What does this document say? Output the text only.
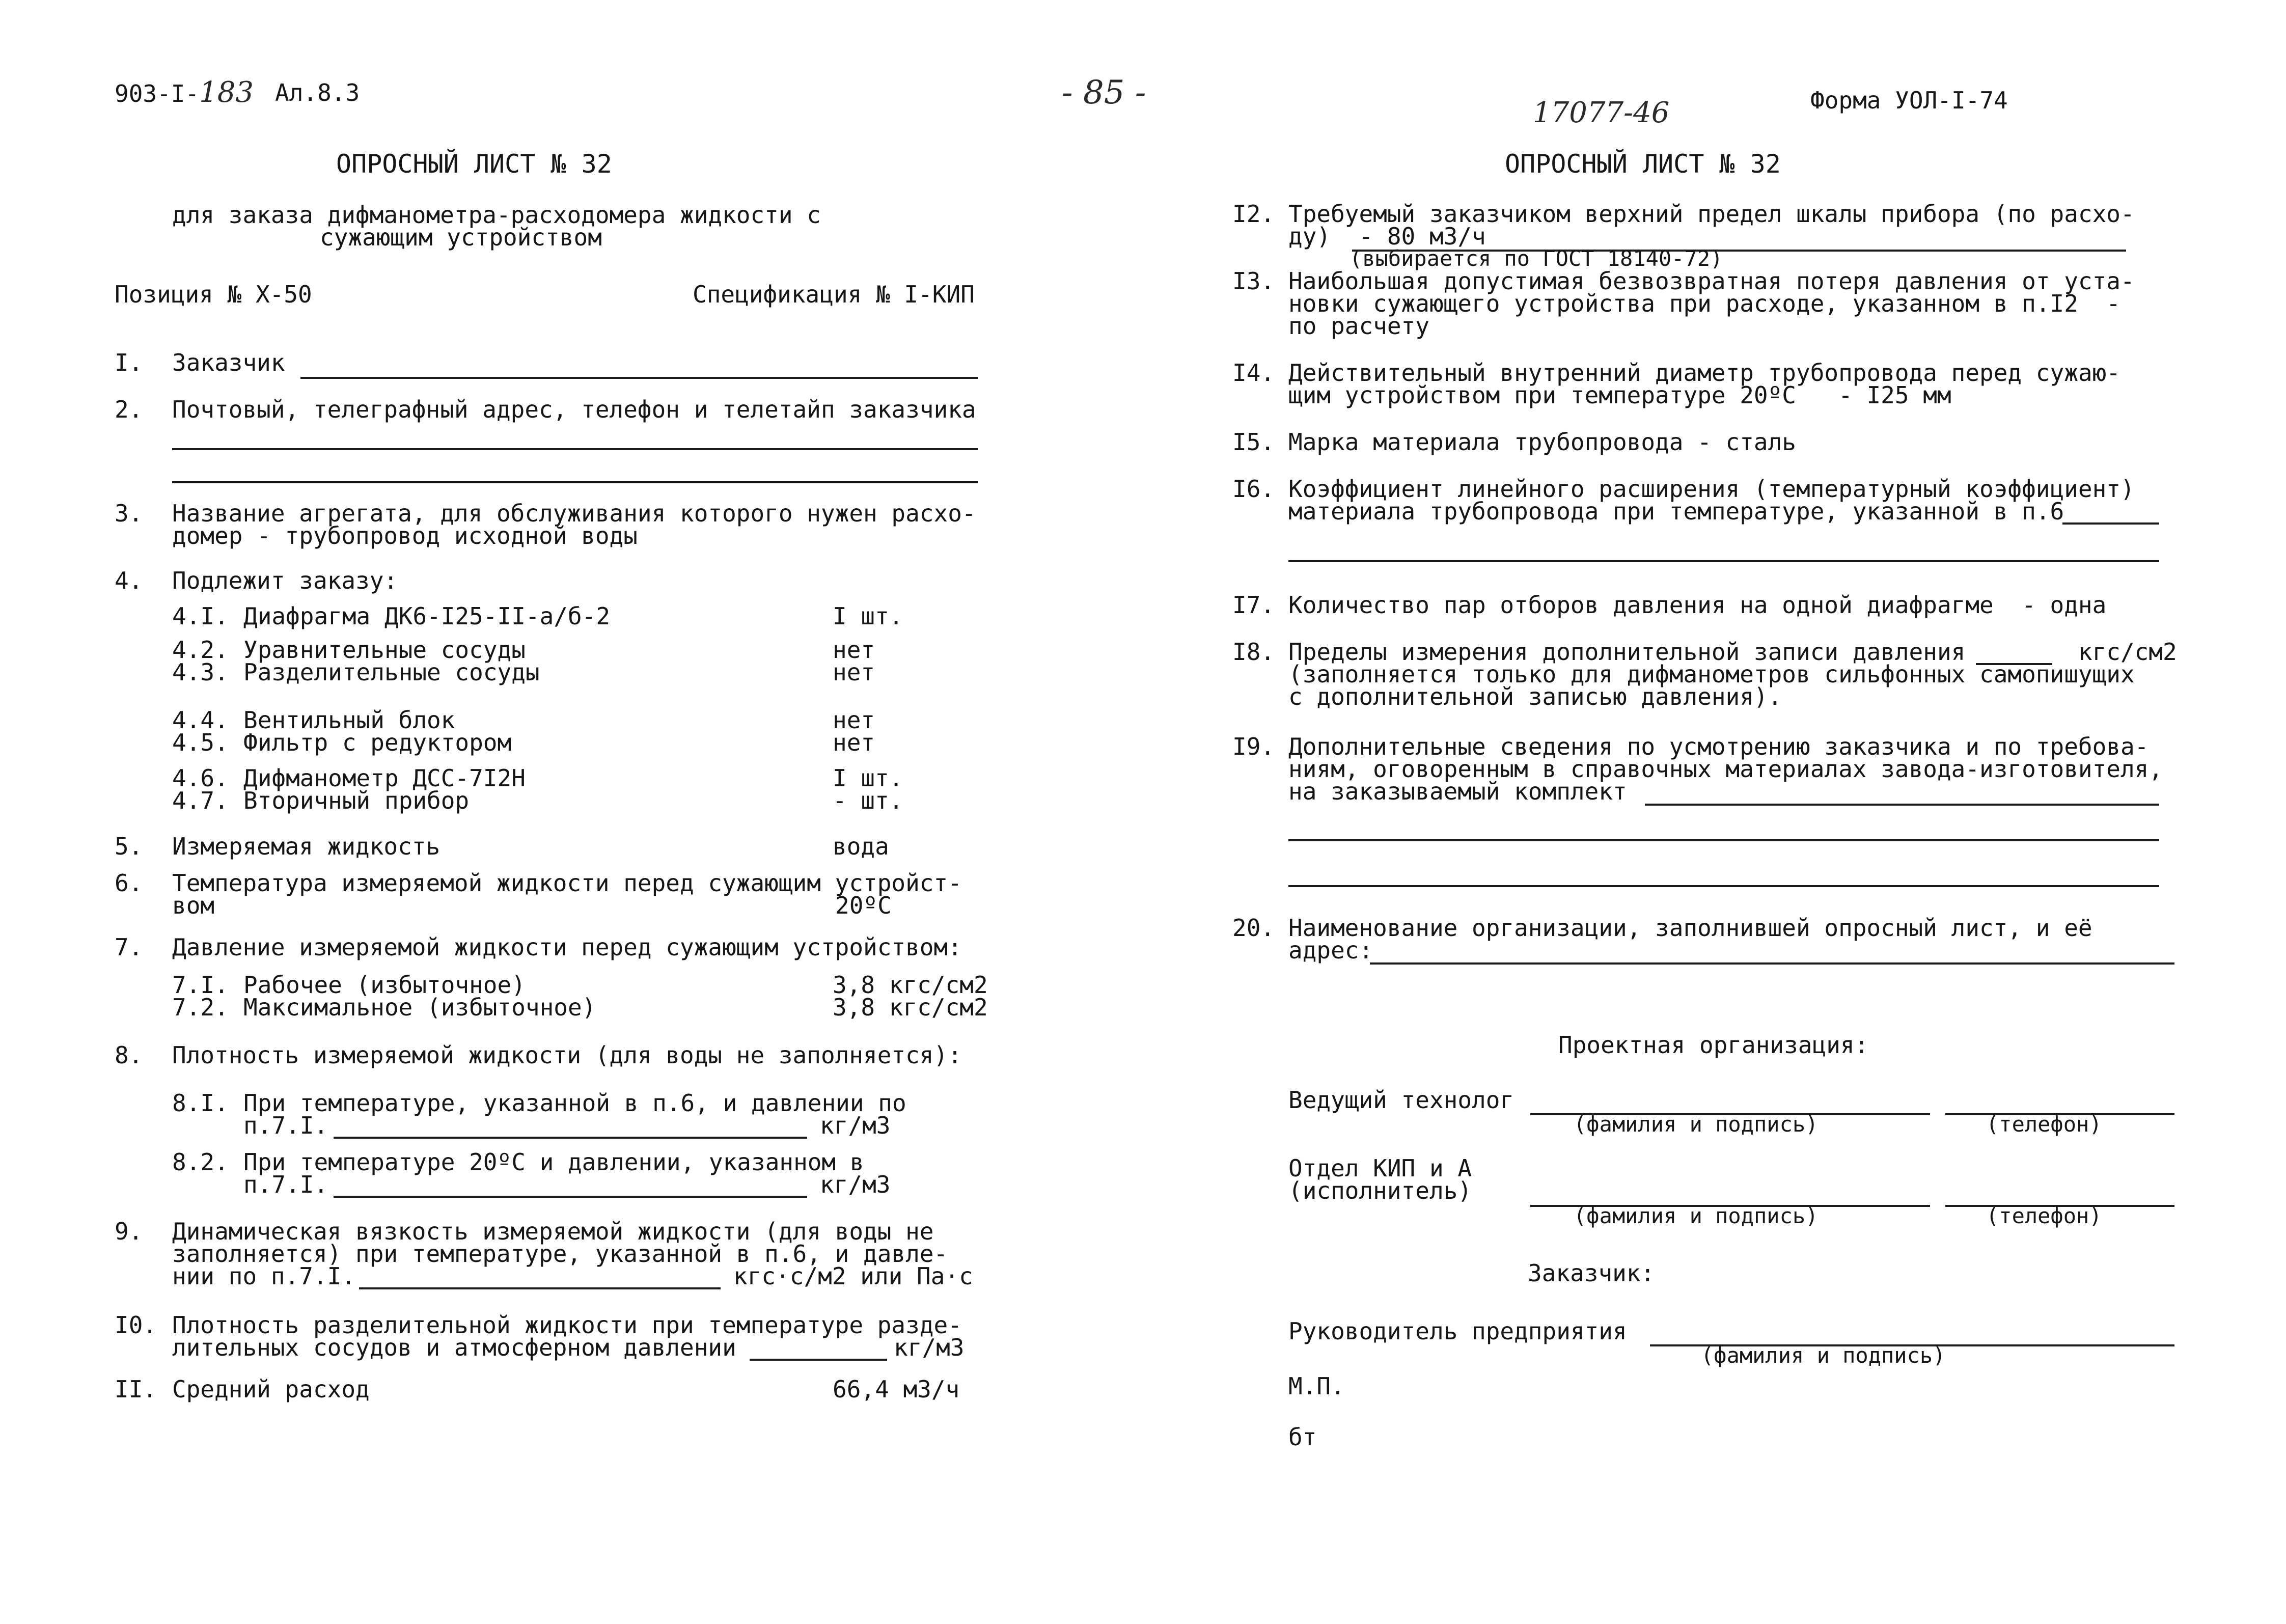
903-I-183 Ал.8.3
ОПРОСНЫЙ ЛИСТ № 32
для заказа дифманометра-расходомера жидкости с
сужающим устройством
Позиция № Х-50	Спецификация № I-КИП
I. Заказчик
2. Почтовый, телеграфный адрес, телефон и телетайп заказчика
3. Название агрегата, для обслуживания которого нужен расхо-
домер - трубопровод исходной воды
4. Подлежит заказу:
4.I. Диафрагма ДК6-I25-II-а/б-2	I шт.
4.2. Уравнительные сосуды	нет
4.3. Разделительные сосуды	нет
4.4. Вентильный блок	нет
4.5. Фильтр с редуктором	нет
4.6. Дифманометр ДСС-7I2Н	I шт.
4.7. Вторичный прибор	- шт.
5. Измеряемая жидкость	вода
6. Температура измеряемой жидкости перед сужающим устройст-
вом	20ºС
7. Давление измеряемой жидкости перед сужающим устройством:
7.I. Рабочее (избыточное)	3,8 кгс/см2
7.2. Максимальное (избыточное)	3,8 кгс/см2
8. Плотность измеряемой жидкости (для воды не заполняется):
8.I. При температуре, указанной в п.6, и давлении по
п.7.I.	кг/м3
8.2. При температуре 20ºС и давлении, указанном в
п.7.I.	кг/м3
9. Динамическая вязкость измеряемой жидкости (для воды не
заполняется) при температуре, указанной в п.6, и давле-
нии по п.7.I.	кгс·с/м2 или Па·с
I0. Плотность разделительной жидкости при температуре разде-
лительных сосудов и атмосферном давлении	кг/м3
II. Средний расход	66,4 м3/ч
- 85 -
17077-46	Форма УОЛ-I-74
ОПРОСНЫЙ ЛИСТ № 32
I2. Требуемый заказчиком верхний предел шкалы прибора (по расхо-
ду)  - 80 м3/ч
(выбирается по ГОСТ 18140-72)
I3. Наибольшая допустимая безвозвратная потеря давления от уста-
новки сужающего устройства при расходе, указанном в п.I2  -
по расчету
I4. Действительный внутренний диаметр трубопровода перед сужаю-
щим устройством при температуре 20ºС   - I25 мм
I5. Марка материала трубопровода - сталь
I6. Коэффициент линейного расширения (температурный коэффициент)
материала трубопровода при температуре, указанной в п.6
I7. Количество пар отборов давления на одной диафрагме  - одна
I8. Пределы измерения дополнительной записи давления        кгс/см2
(заполняется только для дифманометров сильфонных самопишущих
с дополнительной записью давления).
I9. Дополнительные сведения по усмотрению заказчика и по требова-
ниям, оговоренным в справочных материалах завода-изготовителя,
на заказываемый комплект
20. Наименование организации, заполнившей опросный лист, и её
адрес:
Проектная организация:
Ведущий технолог
(фамилия и подпись)	(телефон)
Отдел КИП и А
(исполнитель)
(фамилия и подпись)	(телефон)
Заказчик:
Руководитель предприятия
(фамилия и подпись)
М.П.
бт
